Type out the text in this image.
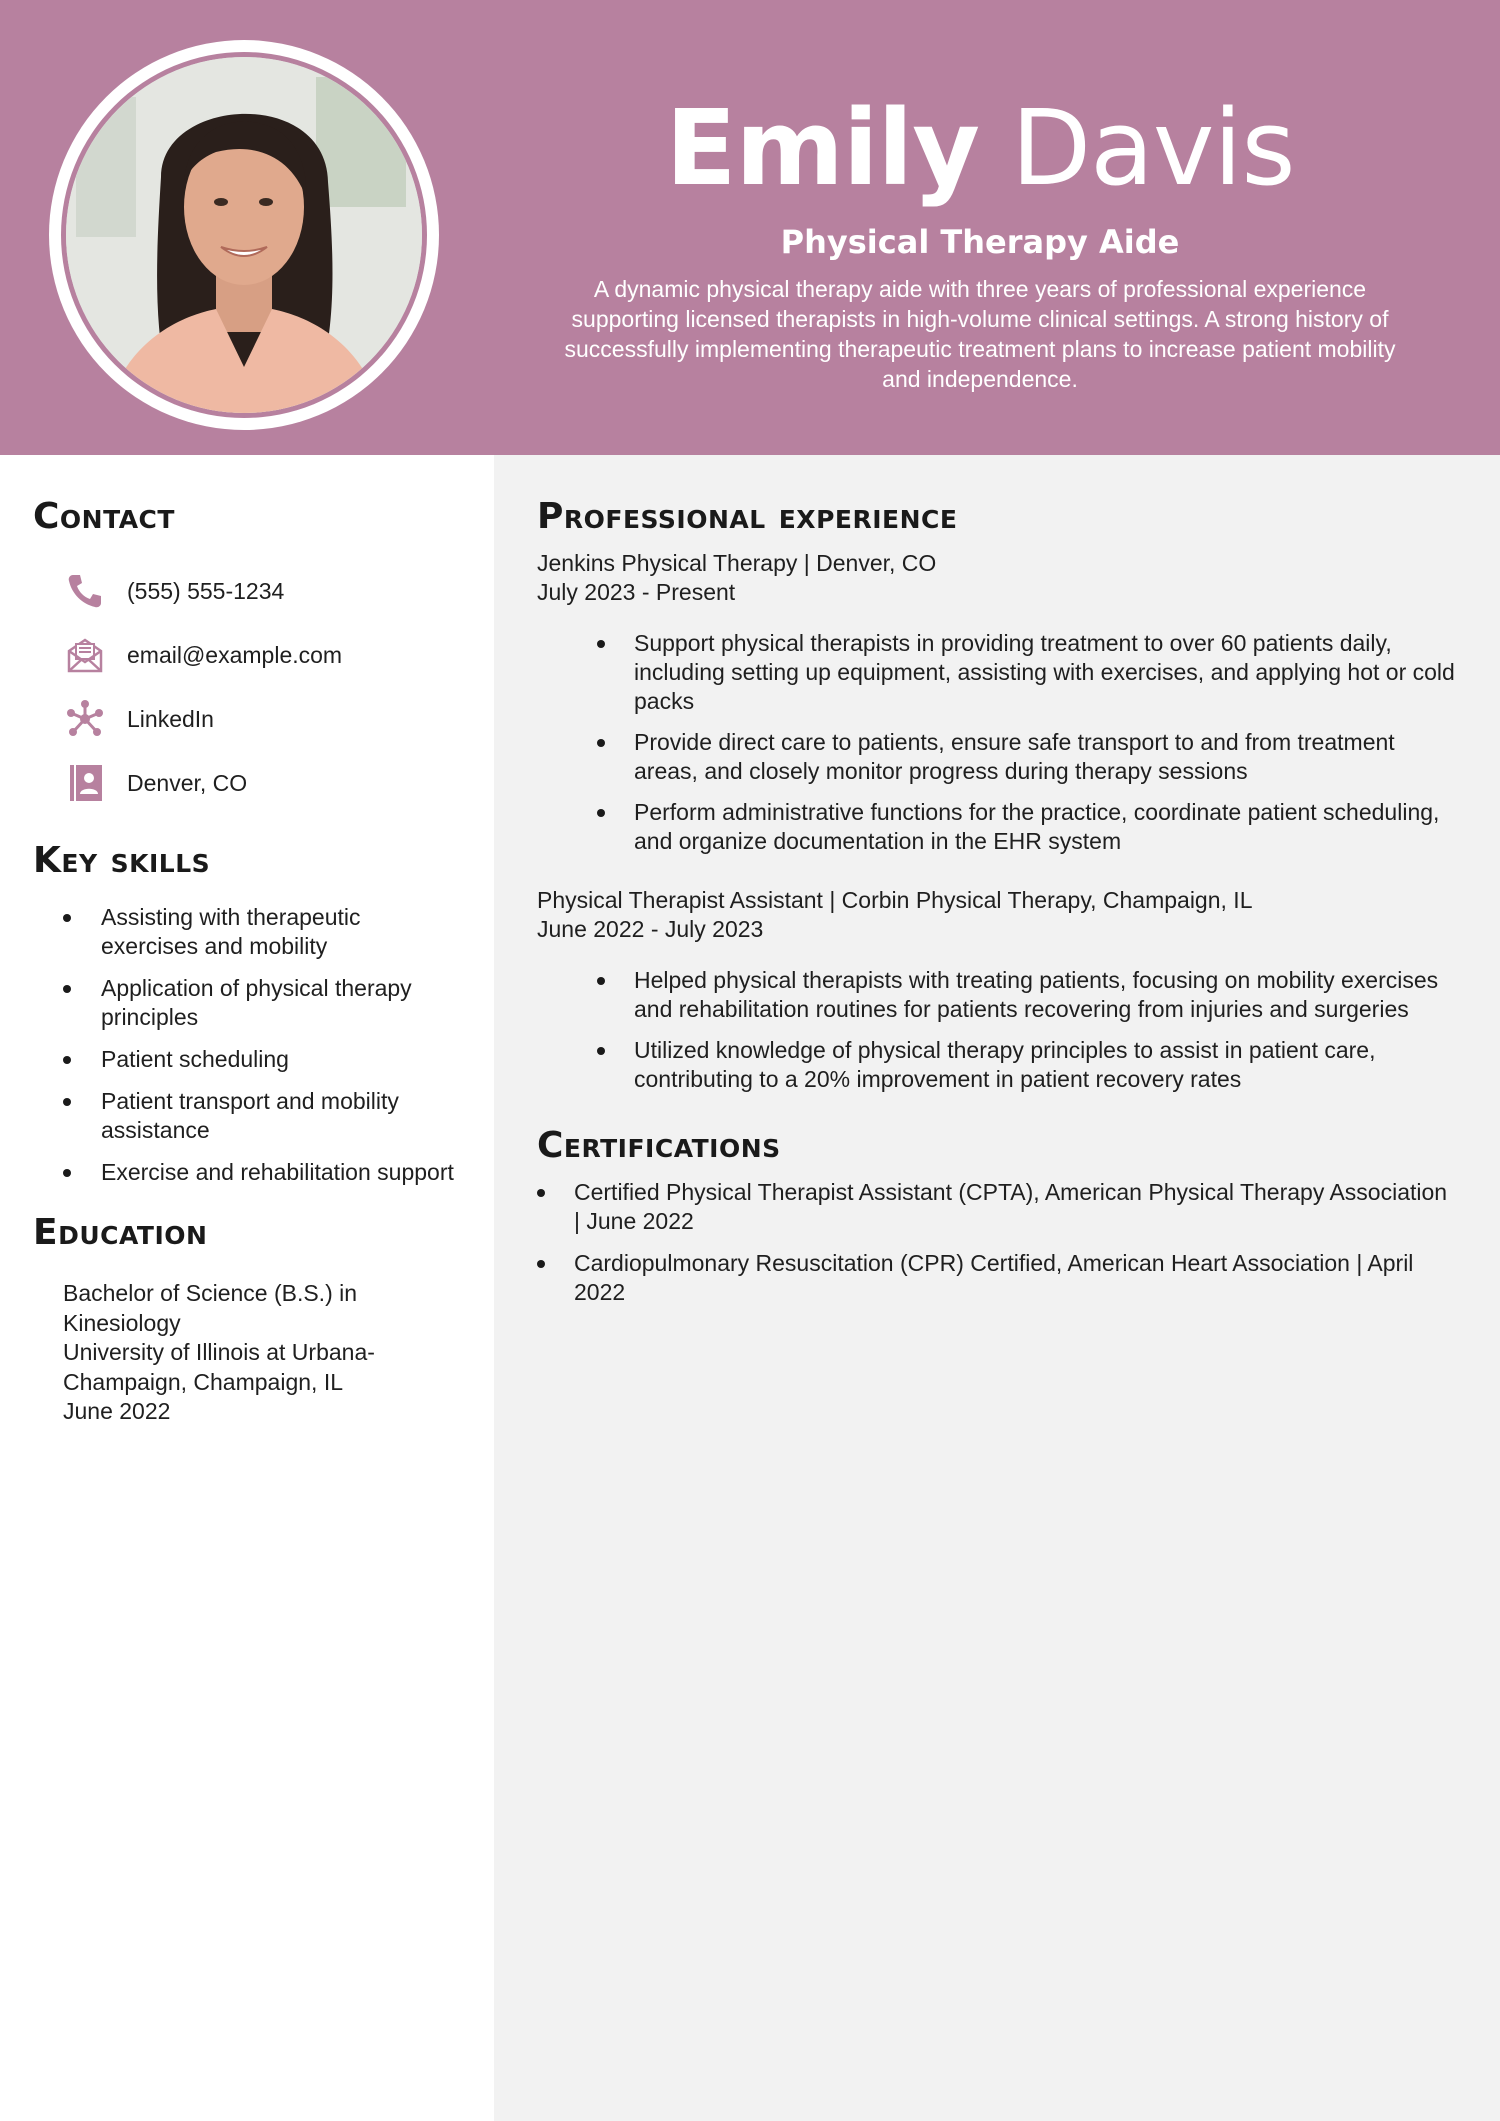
Emily Davis
Physical Therapy Aide
A dynamic physical therapy aide with three years of professional experience supporting licensed therapists in high-volume clinical settings. A strong history of successfully implementing therapeutic treatment plans to increase patient mobility and independence.
Contact
(555) 555-1234
email@example.com
LinkedIn
Denver, CO
Key skills
Assisting with therapeutic exercises and mobility
Application of physical therapy principles
Patient scheduling
Patient transport and mobility assistance
Exercise and rehabilitation support
Education
Bachelor of Science (B.S.) in Kinesiology
University of Illinois at Urbana-Champaign, Champaign, IL
June 2022
Professional experience
Jenkins Physical Therapy | Denver, CO
July 2023 - Present
Support physical therapists in providing treatment to over 60 patients daily, including setting up equipment, assisting with exercises, and applying hot or cold packs
Provide direct care to patients, ensure safe transport to and from treatment areas, and closely monitor progress during therapy sessions
Perform administrative functions for the practice, coordinate patient scheduling, and organize documentation in the EHR system
Physical Therapist Assistant | Corbin Physical Therapy, Champaign, IL
June 2022 - July 2023
Helped physical therapists with treating patients, focusing on mobility exercises and rehabilitation routines for patients recovering from injuries and surgeries
Utilized knowledge of physical therapy principles to assist in patient care, contributing to a 20% improvement in patient recovery rates
Certifications
Certified Physical Therapist Assistant (CPTA), American Physical Therapy Association | June 2022
Cardiopulmonary Resuscitation (CPR) Certified, American Heart Association | April 2022
